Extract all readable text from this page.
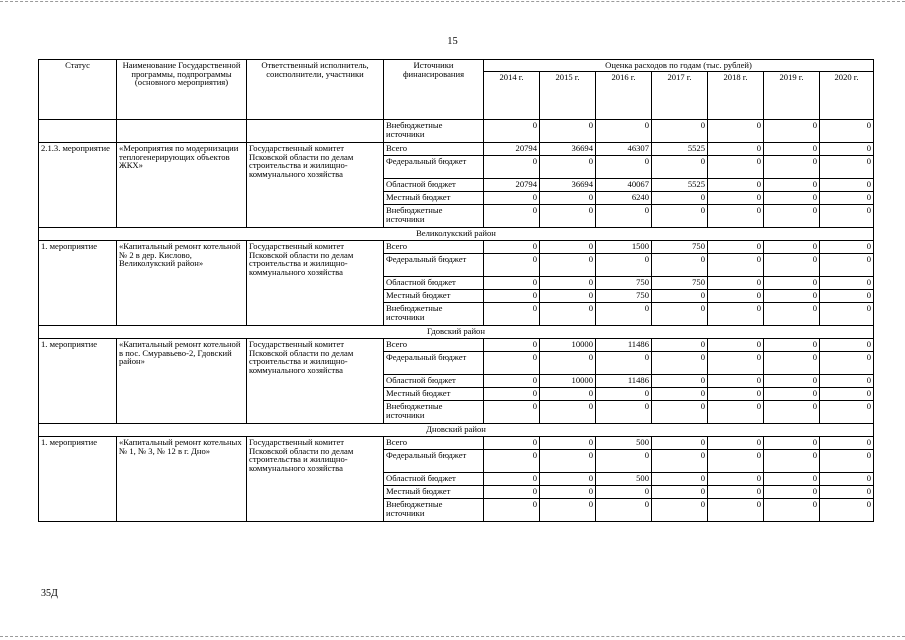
15
Статус	Наименование Государственной программы, подпрограммы (основного мероприятия)	Ответственный исполнитель, соисполнители, участники	Источники финансирования	Оценка расходов по годам (тыс. рублей)						
				2014 г.	2015 г.	2016 г.	2017 г.	2018 г.	2019 г.	2020 г.
			Внебюджетные источники	0	0	0	0	0	0	0
2.1.3. мероприятие	«Мероприятия по модернизации теплогенерирующих объектов ЖКХ»	Государственный комитет Псковской области по делам строительства и жилищно-коммунального хозяйства	Всего	20794	36694	46307	5525	0	0	0
			Федеральный бюджет	0	0	0	0	0	0	0
			Областной бюджет	20794	36694	40067	5525	0	0	0
			Местный бюджет	0	0	6240	0	0	0	0
			Внебюджетные источники	0	0	0	0	0	0	0
Великолукский район										
1. мероприятие	«Капитальный ремонт котельной № 2 в дер. Кислово, Великолукский район»	Государственный комитет Псковской области по делам строительства и жилищно-коммунального хозяйства	Всего	0	0	1500	750	0	0	0
			Федеральный бюджет	0	0	0	0	0	0	0
			Областной бюджет	0	0	750	750	0	0	0
			Местный бюджет	0	0	750	0	0	0	0
			Внебюджетные источники	0	0	0	0	0	0	0
Гдовский район										
1. мероприятие	«Капитальный ремонт котельной в пос. Смуравьево-2, Гдовский район»	Государственный комитет Псковской области по делам строительства и жилищно-коммунального хозяйства	Всего	0	10000	11486	0	0	0	0
			Федеральный бюджет	0	0	0	0	0	0	0
			Областной бюджет	0	10000	11486	0	0	0	0
			Местный бюджет	0	0	0	0	0	0	0
			Внебюджетные источники	0	0	0	0	0	0	0
Дновский район										
1. мероприятие	«Капитальный ремонт котельных № 1, № 3, № 12 в г. Дно»	Государственный комитет Псковской области по делам строительства и жилищно-коммунального хозяйства	Всего	0	0	500	0	0	0	0
			Федеральный бюджет	0	0	0	0	0	0	0
			Областной бюджет	0	0	500	0	0	0	0
			Местный бюджет	0	0	0	0	0	0	0
			Внебюджетные источники	0	0	0	0	0	0	0
35Д
